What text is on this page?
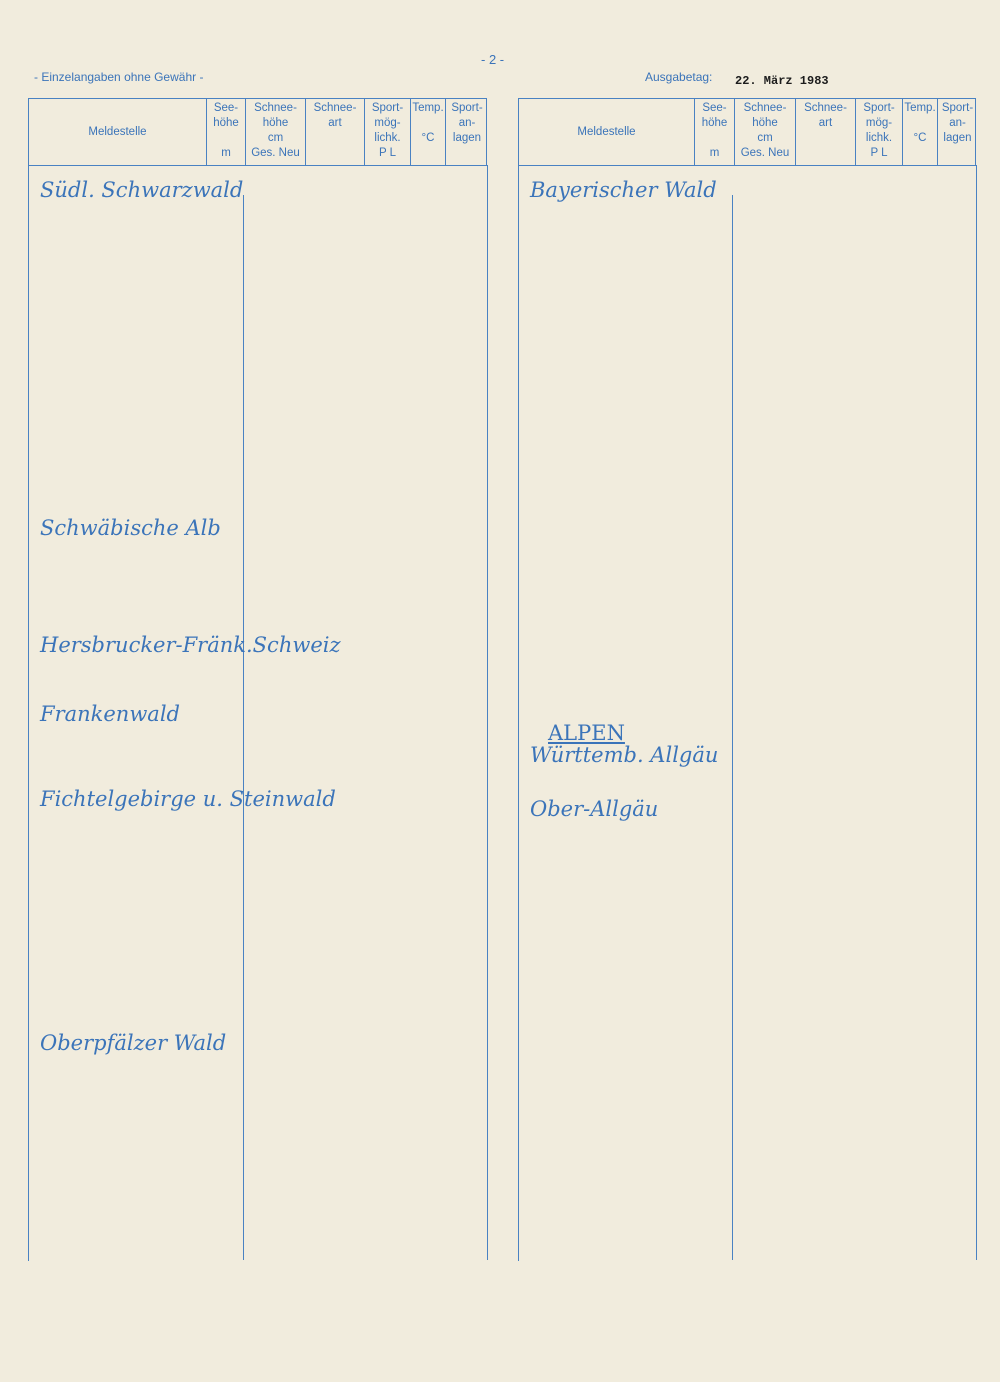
- 2 -
- Einzelangaben ohne Gewähr -	Ausgabetag: 22. März 1983
Meldestelle
See-
höhe
m
Schnee-
höhe
cm
Ges. Neu
Schnee-
art
Sport-
mög-
lichk.
P L
Temp.
°C
Sport-
an-
lagen
Südl. Schwarzwald
Schwäbische Alb
Hersbrucker-Fränk.Schweiz
Frankenwald
Fichtelgebirge u. Steinwald
Oberpfälzer Wald
Meldestelle
See-
höhe
m
Schnee-
höhe
cm
Ges. Neu
Schnee-
art
Sport-
mög-
lichk.
P L
Temp.
°C
Sport-
an-
lagen
Bayerischer Wald
ALPEN
Württemb. Allgäu
Ober-Allgäu
